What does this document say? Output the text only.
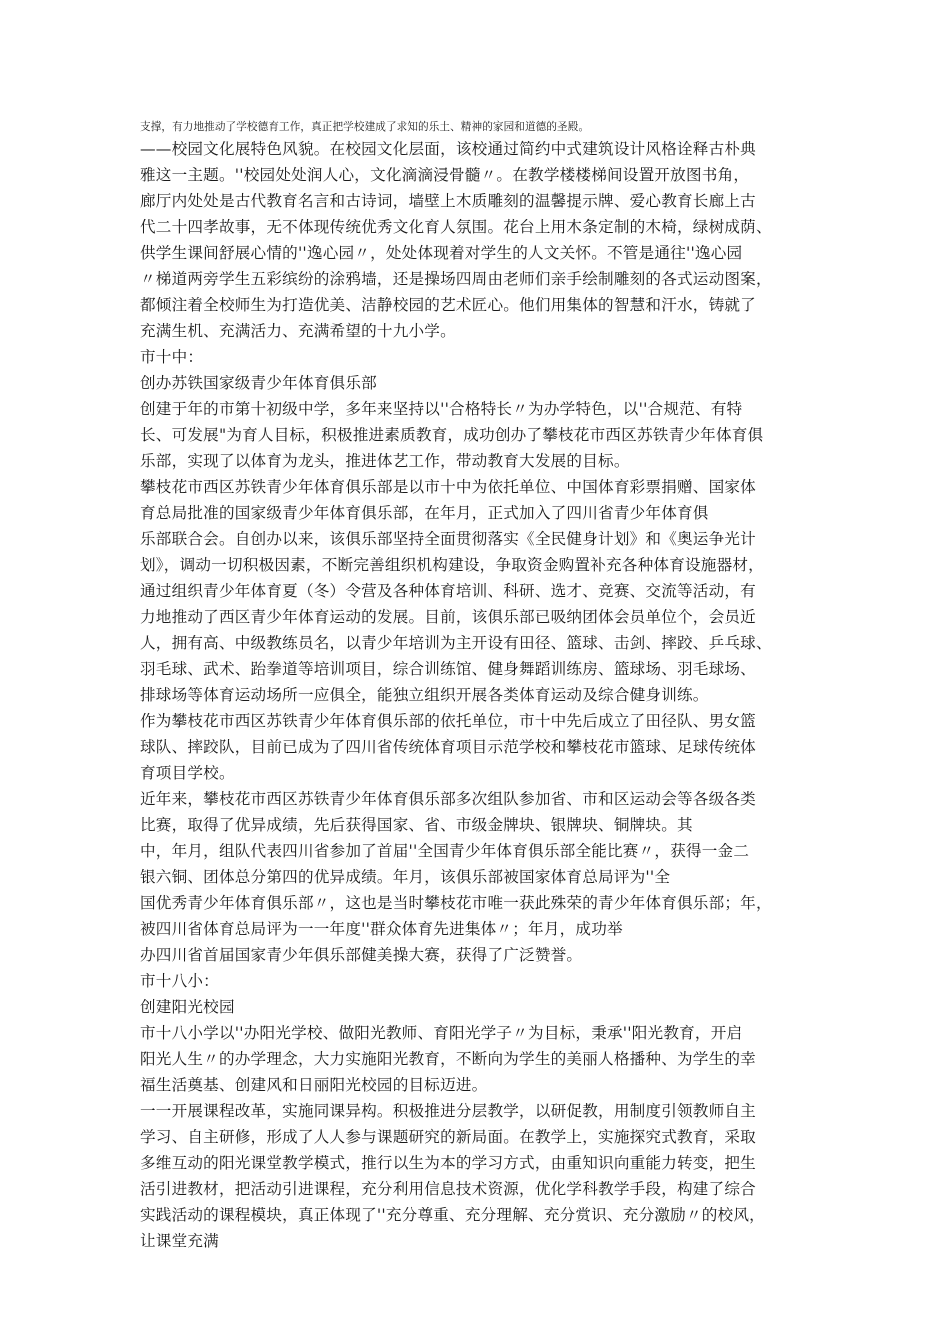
支撑，有力地推动了学校德育工作，真正把学校建成了求知的乐土、精神的家园和道德的圣殿。
——校园文化展特色风貌。在校园文化层面，该校通过简约中式建筑设计风格诠释古朴典
雅这一主题。''校园处处润人心，文化滴滴浸骨髓〃。在教学楼楼梯间设置开放图书角，
廊厅内处处是古代教育名言和古诗词，墙壁上木质雕刻的温馨提示牌、爱心教育长廊上古
代二十四孝故事，无不体现传统优秀文化育人氛围。花台上用木条定制的木椅，绿树成荫、
供学生课间舒展心情的''逸心园〃，处处体现着对学生的人文关怀。不管是通往''逸心园
〃梯道两旁学生五彩缤纷的涂鸦墙，还是操场四周由老师们亲手绘制雕刻的各式运动图案，
都倾注着全校师生为打造优美、洁静校园的艺术匠心。他们用集体的智慧和汗水，铸就了
充满生机、充满活力、充满希望的十九小学。
市十中：
创办苏铁国家级青少年体育俱乐部
创建于年的市第十初级中学，多年来坚持以''合格特长〃为办学特色，以''合规范、有特
长、可发展"为育人目标，积极推进素质教育，成功创办了攀枝花市西区苏铁青少年体育俱
乐部，实现了以体育为龙头，推进体艺工作，带动教育大发展的目标。
攀枝花市西区苏铁青少年体育俱乐部是以市十中为依托单位、中国体育彩票捐赠、国家体
育总局批准的国家级青少年体育俱乐部，在年月，正式加入了四川省青少年体育俱
乐部联合会。自创办以来，该俱乐部坚持全面贯彻落实《全民健身计划》和《奥运争光计
划》，调动一切积极因素，不断完善组织机构建设，争取资金购置补充各种体育设施器材，
通过组织青少年体育夏（冬）令营及各种体育培训、科研、选才、竞赛、交流等活动，有
力地推动了西区青少年体育运动的发展。目前，该俱乐部已吸纳团体会员单位个，会员近
人，拥有高、中级教练员名，以青少年培训为主开设有田径、篮球、击剑、摔跤、乒乓球、
羽毛球、武术、跆拳道等培训项目，综合训练馆、健身舞蹈训练房、篮球场、羽毛球场、
排球场等体育运动场所一应俱全，能独立组织开展各类体育运动及综合健身训练。
作为攀枝花市西区苏铁青少年体育俱乐部的依托单位，市十中先后成立了田径队、男女篮
球队、摔跤队，目前已成为了四川省传统体育项目示范学校和攀枝花市篮球、足球传统体
育项目学校。
近年来，攀枝花市西区苏铁青少年体育俱乐部多次组队参加省、市和区运动会等各级各类
比赛，取得了优异成绩，先后获得国家、省、市级金牌块、银牌块、铜牌块。其
中，年月，组队代表四川省参加了首届''全国青少年体育俱乐部全能比赛〃，获得一金二
银六铜、团体总分第四的优异成绩。年月，该俱乐部被国家体育总局评为''全
国优秀青少年体育俱乐部〃，这也是当时攀枝花市唯一获此殊荣的青少年体育俱乐部；年，
被四川省体育总局评为一一年度''群众体育先进集体〃；年月，成功举
办四川省首届国家青少年俱乐部健美操大赛，获得了广泛赞誉。
市十八小：
创建阳光校园
市十八小学以''办阳光学校、做阳光教师、育阳光学子〃为目标，秉承''阳光教育，开启
阳光人生〃的办学理念，大力实施阳光教育，不断向为学生的美丽人格播种、为学生的幸
福生活奠基、创建风和日丽阳光校园的目标迈进。
一一开展课程改革，实施同课异构。积极推进分层教学，以研促教，用制度引领教师自主
学习、自主研修，形成了人人参与课题研究的新局面。在教学上，实施探究式教育，采取
多维互动的阳光课堂教学模式，推行以生为本的学习方式，由重知识向重能力转变，把生
活引进教材，把活动引进课程，充分利用信息技术资源，优化学科教学手段，构建了综合
实践活动的课程模块，真正体现了''充分尊重、充分理解、充分赏识、充分激励〃的校风，
让课堂充满
